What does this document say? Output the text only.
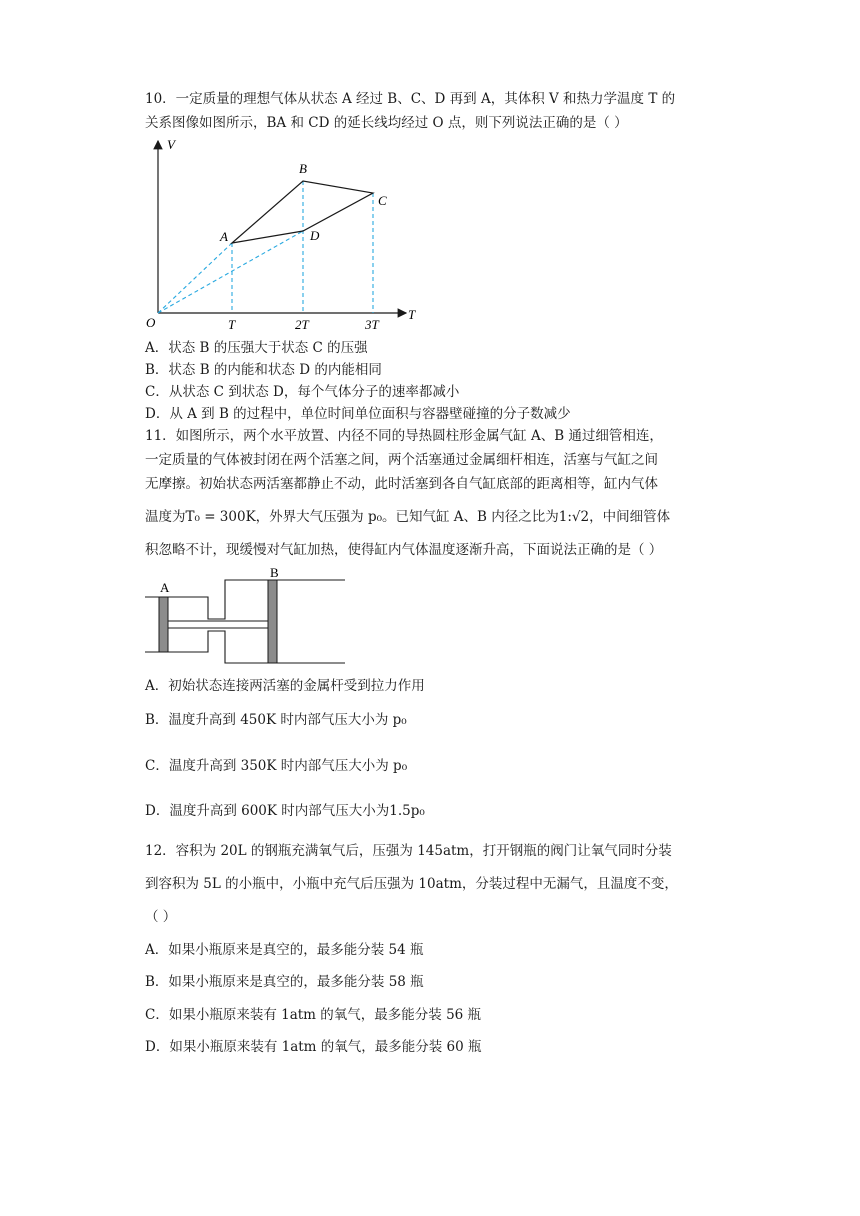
10．一定质量的理想气体从状态 A 经过 B、C、D 再到 A，其体积 V 和热力学温度 T 的
关系图像如图所示，BA 和 CD 的延长线均经过 O 点，则下列说法正确的是（ ）
V
T
O	T	2T	3T
A
B
C
D
A．状态 B 的压强大于状态 C 的压强
B．状态 B 的内能和状态 D 的内能相同
C．从状态 C 到状态 D，每个气体分子的速率都减小
D．从 A 到 B 的过程中，单位时间单位面积与容器壁碰撞的分子数减少
11．如图所示，两个水平放置、内径不同的导热圆柱形金属气缸 A、B 通过细管相连，
一定质量的气体被封闭在两个活塞之间，两个活塞通过金属细杆相连，活塞与气缸之间
无摩擦。初始状态两活塞都静止不动，此时活塞到各自气缸底部的距离相等，缸内气体
温度为T₀ = 300K，外界大气压强为 p₀。已知气缸 A、B 内径之比为1:√2，中间细管体
积忽略不计，现缓慢对气缸加热，使得缸内气体温度逐渐升高，下面说法正确的是（ ）
A
B
A．初始状态连接两活塞的金属杆受到拉力作用
B．温度升高到 450K 时内部气压大小为 p₀
C．温度升高到 350K 时内部气压大小为 p₀
D．温度升高到 600K 时内部气压大小为1.5p₀
12．容积为 20L 的钢瓶充满氧气后，压强为 145atm，打开钢瓶的阀门让氧气同时分装
到容积为 5L 的小瓶中，小瓶中充气后压强为 10atm，分装过程中无漏气，且温度不变，
（ ）
A．如果小瓶原来是真空的，最多能分装 54 瓶
B．如果小瓶原来是真空的，最多能分装 58 瓶
C．如果小瓶原来装有 1atm 的氧气，最多能分装 56 瓶
D．如果小瓶原来装有 1atm 的氧气，最多能分装 60 瓶
